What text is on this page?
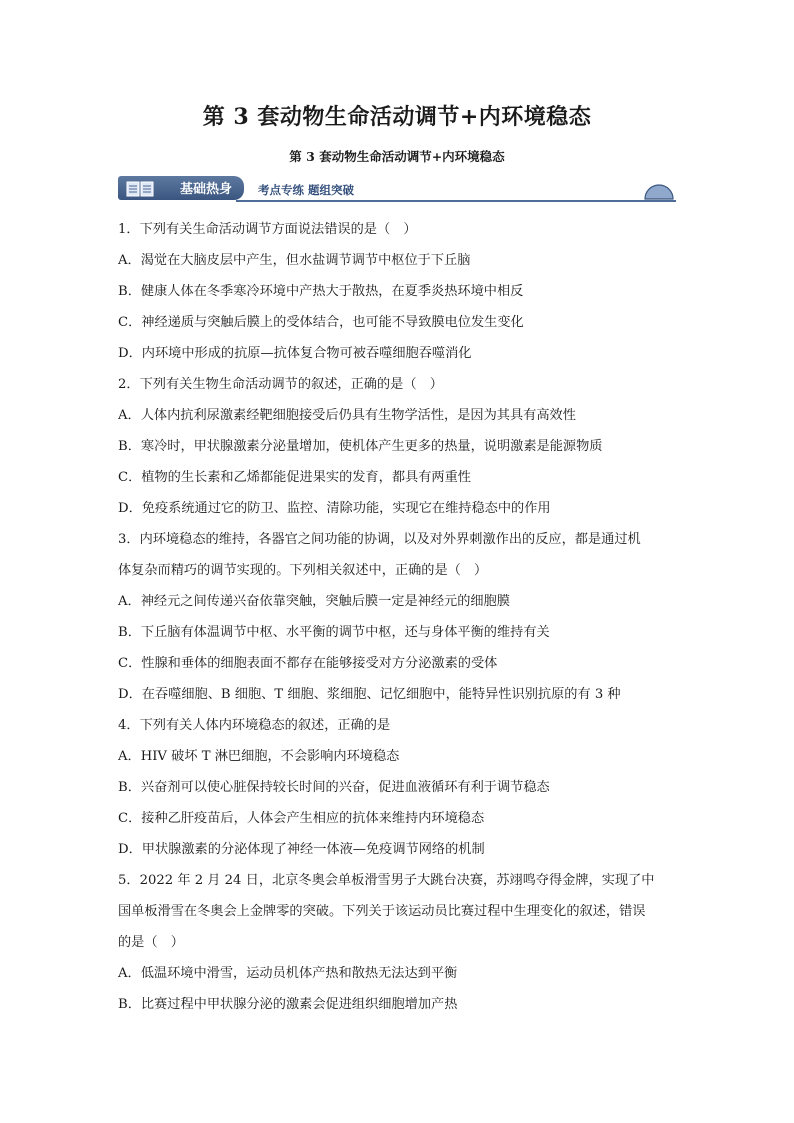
第 3 套动物生命活动调节+内环境稳态
第 3 套动物生命活动调节+内环境稳态
基础热身 考点专练 题组突破
1．下列有关生命活动调节方面说法错误的是（　）
A．渴觉在大脑皮层中产生，但水盐调节调节中枢位于下丘脑
B．健康人体在冬季寒冷环境中产热大于散热，在夏季炎热环境中相反
C．神经递质与突触后膜上的受体结合，也可能不导致膜电位发生变化
D．内环境中形成的抗原—抗体复合物可被吞噬细胞吞噬消化
2．下列有关生物生命活动调节的叙述，正确的是（　）
A．人体内抗利尿激素经靶细胞接受后仍具有生物学活性，是因为其具有高效性
B．寒冷时，甲状腺激素分泌量增加，使机体产生更多的热量，说明激素是能源物质
C．植物的生长素和乙烯都能促进果实的发育，都具有两重性
D．免疫系统通过它的防卫、监控、清除功能，实现它在维持稳态中的作用
3．内环境稳态的维持，各器官之间功能的协调，以及对外界刺激作出的反应，都是通过机
体复杂而精巧的调节实现的。下列相关叙述中，正确的是（　）
A．神经元之间传递兴奋依靠突触，突触后膜一定是神经元的细胞膜
B．下丘脑有体温调节中枢、水平衡的调节中枢，还与身体平衡的维持有关
C．性腺和垂体的细胞表面不都存在能够接受对方分泌激素的受体
D．在吞噬细胞、B 细胞、T 细胞、浆细胞、记忆细胞中，能特异性识别抗原的有 3 种
4．下列有关人体内环境稳态的叙述，正确的是
A．HIV 破坏 T 淋巴细胞，不会影响内环境稳态
B．兴奋剂可以使心脏保持较长时间的兴奋，促进血液循环有利于调节稳态
C．接种乙肝疫苗后，人体会产生相应的抗体来维持内环境稳态
D．甲状腺激素的分泌体现了神经一体液—免疫调节网络的机制
5．2022 年 2 月 24 日，北京冬奥会单板滑雪男子大跳台决赛，苏翊鸣夺得金牌，实现了中
国单板滑雪在冬奥会上金牌零的突破。下列关于该运动员比赛过程中生理变化的叙述，错误
的是（　）
A．低温环境中滑雪，运动员机体产热和散热无法达到平衡
B．比赛过程中甲状腺分泌的激素会促进组织细胞增加产热
